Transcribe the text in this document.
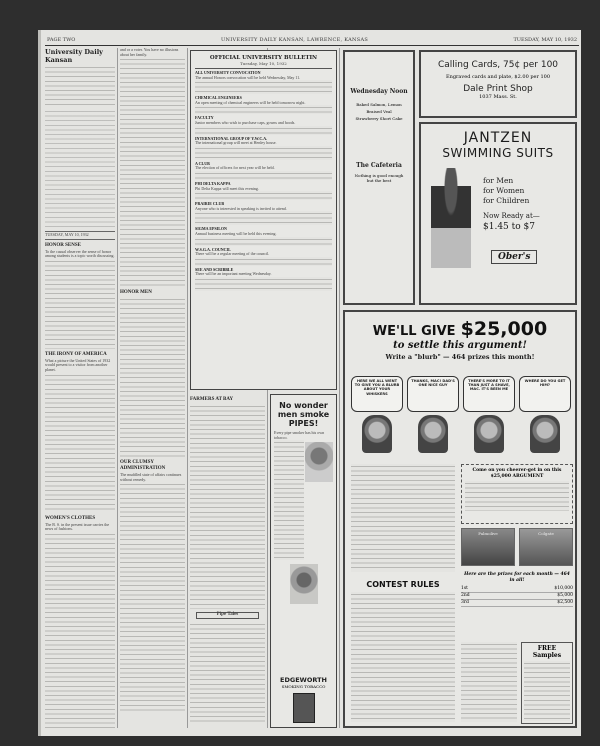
PAGE TWO	UNIVERSITY DAILY KANSAN, LAWRENCE, KANSAS	TUESDAY, MAY 10, 1932
University Daily Kansan
TUESDAY, MAY 10, 1932
HONOR SENSE
To the casual observer the sense of honor among students is a topic worth discussing.
THE IRONY OF AMERICA
What a picture the United States of 1932 would present to a visitor from another planet.
WOMEN'S CLOTHES
The B. S. in the present issue carries the news of fashions.
and or a voter. You have no illusions about her family.
HONOR MEN
OUR CLUMSY ADMINISTRATION
The muddled state of affairs continues without remedy.
OFFICIAL UNIVERSITY BULLETIN
Tuesday, May 10, 1932
ALL UNIVERSITY CONVOCATION
The annual Honors convocation will be held Wednesday, May 11.
CHEMICAL ENGINEERS
An open meeting of chemical engineers will be held tomorrow night.
FACULTY
Junior members who wish to purchase caps, gowns and hoods.
INTERNATIONAL GROUP OF Y.W.C.A.
The international group will meet at Henley house.
A CLUB
The election of officers for next year will be held.
PHI DELTA KAPPA
Phi Delta Kappa will meet this evening.
PRAIRIE CLUB
Anyone who is interested in speaking is invited to attend.
SIGMA EPSILON
Annual business meeting will be held this evening.
W.S.G.A. COUNCIL
There will be a regular meeting of the council.
SEE AND SCRIBBLE
There will be an important meeting Wednesday.
FARMERS AT BAY
Pipe Tales
No wonder men smoke PIPES!
Every pipe smoker has his own tobacco.
EDGEWORTH
SMOKING TOBACCO
Wednesday Noon
Baked Salmon, Lemon
Braised Veal
Strawberry Short Cake
The Cafeteria
Nothing is good enough but the best
Calling Cards, 75¢ per 100
Engraved cards and plate, $2.00 per 100
Dale Print Shop
1037 Mass. St.
JANTZEN
SWIMMING SUITS
for Men
for Women
for Children
Now Ready at—
$1.45 to $7
Ober's
WE'LL GIVE $25,000
to settle this argument!
Write a "blurb" — 464 prizes this month!
HERE WE ALL WENT TO GIVE YOU A BLURB ABOUT YOUR WHISKERS
THANKS, MAC! DAD'S ONE NICE GUY
THERE'S MORE TO IT THAN JUST A SHAVE, MAC. IT'S BEEN ME
WHERE DO YOU GET HIM?
Come on you cheerer-get in on this $25,000 ARGUMENT
Palmolive	Colgate
CONTEST RULES
Here are the prizes for each month — 464 in all!
1st	$10,000
2nd	$5,000
3rd	$2,500
FREE Samples
